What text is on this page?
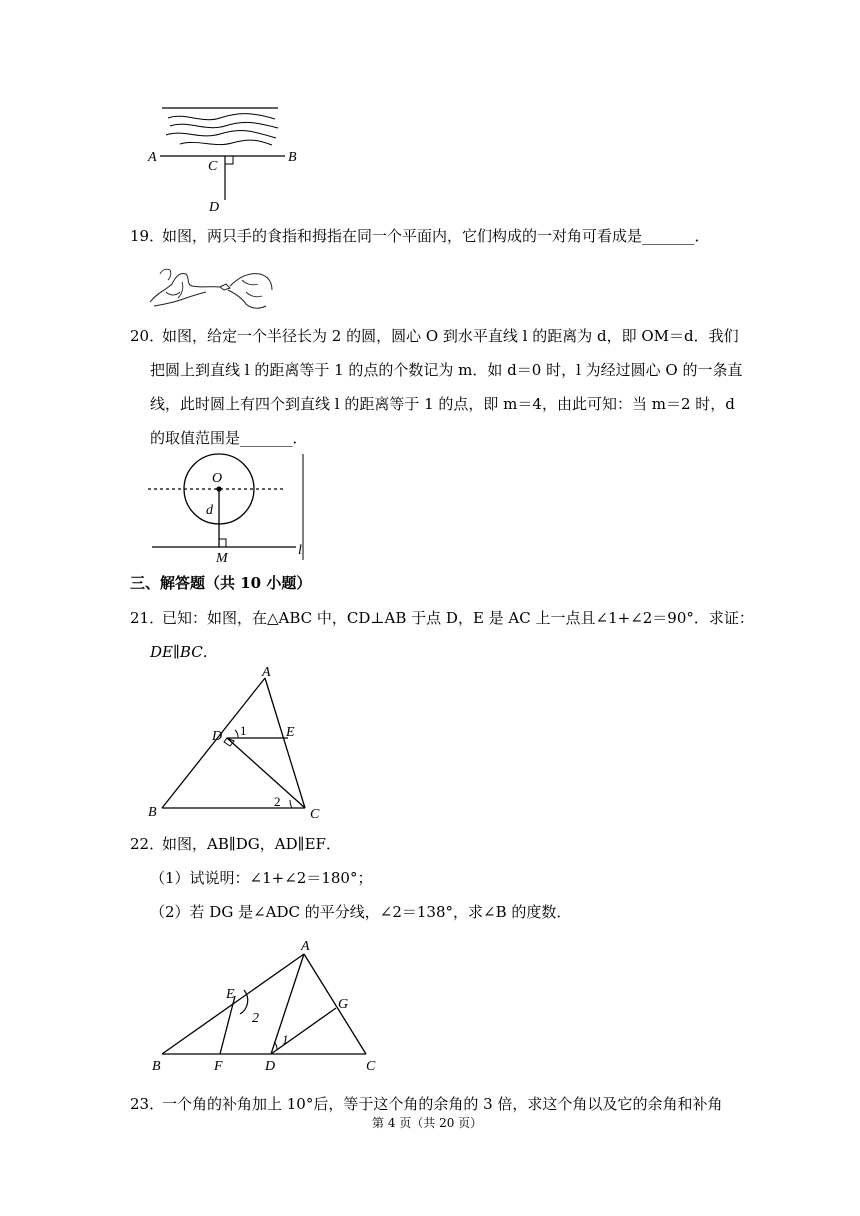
A
C
B
D
19．
如图，两只手的食指和拇指在同一个平面内，它们构成的一对角可看成是_______．
20．
如图，给定一个半径长为 2 的圆，圆心 O 到水平直线 l 的距离为 d，即 OM＝d．我们
把圆上到直线 l 的距离等于 1 的点的个数记为 m．如 d＝0 时，l 为经过圆心 O 的一条直
线，此时圆上有四个到直线 l 的距离等于 1 的点，即 m＝4，由此可知：当 m＝2 时，d
的取值范围是_______．
O
d
M
l
三、解答题（共 10 小题）
21．
已知：如图，在△ABC 中，CD⊥AB 于点 D，E 是 AC 上一点且∠1+∠2＝90°．求证：
DE∥BC．
A
D 1	E
B
2
C
22．
如图，AB∥DG，AD∥EF．
（1）试说明：∠1+∠2＝180°；
（2）若 DG 是∠ADC 的平分线，∠2＝138°，求∠B 的度数．
A
E
2
G
1
B	F	D	C
23．
一个角的补角加上 10°后，等于这个角的余角的 3 倍，求这个角以及它的余角和补角
第 4 页（共 20 页）
